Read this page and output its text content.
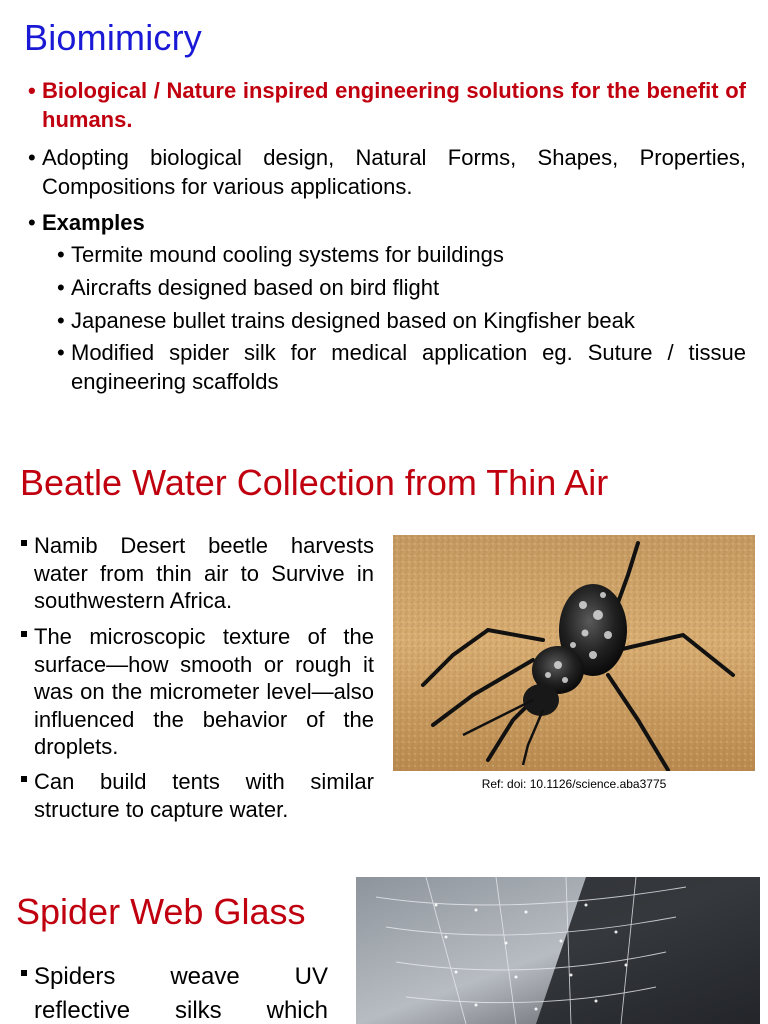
Biomimicry
• Biological / Nature inspired engineering solutions for the benefit of humans.
• Adopting biological design, Natural Forms, Shapes, Properties, Compositions for various applications.
• Examples
• Termite mound cooling systems for buildings
• Aircrafts designed based on bird flight
• Japanese bullet trains designed based on Kingfisher beak
• Modified spider silk for medical application eg. Suture / tissue engineering scaffolds
Beatle Water Collection from Thin Air
Namib Desert beetle harvests water from thin air to Survive in southwestern Africa.
The microscopic texture of the surface—how smooth or rough it was on the micrometer level—also influenced the behavior of the droplets.
Can build tents with similar structure to capture water.
Ref: doi: 10.1126/science.aba3775
Spider Web Glass
Spiders weave UV reflective silks which
